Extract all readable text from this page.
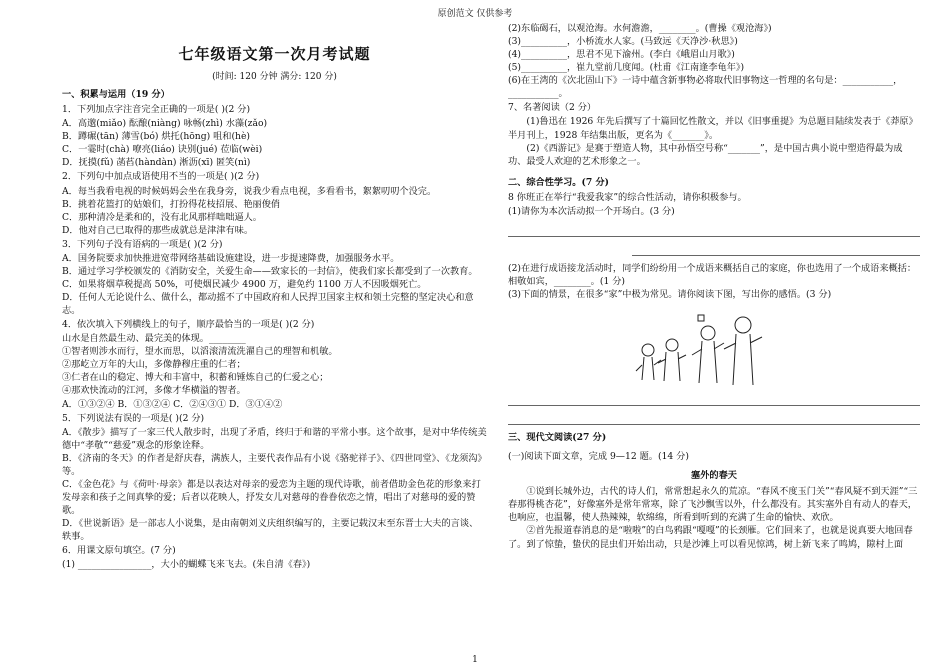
原创范文 仅供参考
七年级语文第一次月考试题
(时间: 120 分钟 满分: 120 分)
一、积累与运用（19 分）
1．下列加点字注音完全正确的一项是( )(2 分)
A．高邈(miǎo) 酝酿(niàng) 咏畅(zhì) 水藻(zǎo)
B．蹲碾(tān) 薄雪(bó) 烘托(hōng) 咀和(hè)
C．一霎时(chà) 嘹亮(liáo) 诀别(jué) 莅临(wèi)
D．抚摸(fǔ) 菡萏(hàndàn) 淅沥(xī) 匿笑(nì)
2．下列句中加点成语使用不当的一项是( )(2 分)
A．每当我看电视的时候妈妈会坐在我身旁，说我少看点电视，多看看书，絮絮叨叨个没完。
B．挑着花篮打的姑娘们，打扮得花枝招展、艳丽俊俏
C．那种清冷是柔和的，没有北风那样咄咄逼人。
D．他对自己已取得的那些成就总是津津有味。
3．下列句子没有语病的一项是( )(2 分)
A．国务院要求加快推进宽带网络基础设施建设，进一步提速降费，加强服务水平。
B．通过学习学校颁发的《消防安全，关爱生命——致家长的一封信》，使我们家长都受到了一次教育。
C．如果将烟草税提高 50%，可使烟民减少 4900 万，避免约 1100 万人不因吸烟死亡。
D．任何人无论说什么、做什么，都动摇不了中国政府和人民捍卫国家主权和领土完整的坚定决心和意志。
4．依次填入下列横线上的句子，顺序最恰当的一项是( )(2 分)
山水是自然最生动、最完美的体现。________
①智者则涉水而行，望水而思，以滔滚清流洗濯自己的理智和机敏。
②那屹立万年的大山，多像静穆庄重的仁者；
③仁者在山的稳定、博大和丰富中，积蓄和锤炼自己的仁爱之心；
④那欢快流动的江河，多像才华横溢的智者。
A．①③②④ B．①③②④ C．②④③① D．③①④②
5．下列说法有误的一项是( )(2 分)
A．《散步》描写了一家三代人散步时，出现了矛盾，终归于和谐的平常小事。这个故事，是对中华传统美德中“孝敬”“慈爱”观念的形象诠释。
B．《济南的冬天》的作者是舒庆春，满族人，主要代表作品有小说《骆驼祥子》、《四世同堂》、《龙须沟》等。
C．《金色花》与《荷叶·母亲》都是以表达对母亲的爱恋为主题的现代诗歌，前者借助金色花的形象来打发母亲和孩子之间真挚的爱；后者以花映人，抒发女儿对慈母的眷眷依恋之情，唱出了对慈母的爱的赞歌。
D．《世说新语》是一部志人小说集，是由南朝刘义庆组织编写的，主要记载汉末至东晋士大夫的言谈、轶事。
6．用课文原句填空。(7 分)
(1) ________________，大小的蝴蝶飞来飞去。(朱自清《春》)
(2)东临碣石，以观沧海。水何澹澹，________。(曹操《观沧海》)
(3)__________，小桥流水人家。(马致远《天净沙·秋思》)
(4)__________，思君不见下渝州。(李白《峨眉山月歌》)
(5)__________，崔九堂前几度闻。(杜甫《江南逢李龟年》)
(6)在王湾的《次北固山下》一诗中蕴含新事物必将取代旧事物这一哲理的名句是：___________，___________。
7、名著阅读（2 分）
(1)鲁迅在 1926 年先后撰写了十篇回忆性散文，并以《旧事重提》为总题目陆续发表于《莽原》半月刊上，1928 年结集出版，更名为《_______》。
(2)《西游记》是赛于塑造人物，其中孙悟空号称“_______”，是中国古典小说中塑造得最为成功、最受人欢迎的艺术形象之一。
二、综合性学习。(7 分)
8 你班正在举行“我爱我家”的综合性活动，请你积极参与。
(1)请你为本次活动拟一个开场白。(3 分)
(2)在进行成语接龙活动时，同学们纷纷用一个成语来概括自己的家庭，你也选用了一个成语来概括：相敬如宾，________。(1 分)
(3)下面的情景，在很多“家”中极为常见。请你阅读下图，写出你的感悟。(3 分)
三、现代文阅读(27 分)
(一)阅读下面文章，完成 9—12 题。(14 分)
塞外的春天
①说到长城外边，古代的诗人们，常常想起永久的荒凉。“春风不度玉门关”“春风疑不到天涯”“三春那得桃杏花”，好像塞外是常年常寒，除了飞沙飘雪以外，什么都没有。其实塞外自有动人的春天，也响应，也温馨，使人热辣辣，软绵绵，所看到听到的充满了生命的愉快、欢欣。
②首先报道春消息的是“啦啦”的白鸟鸦跟“嘎嘎”的长颈雁。它们回来了，也就是说真要大地回春了。到了惊蛰，蛰伏的昆虫们开始出动，只是沙滩上可以看见惊鸿，树上新飞来了鸣鸠，隙村上面
1
